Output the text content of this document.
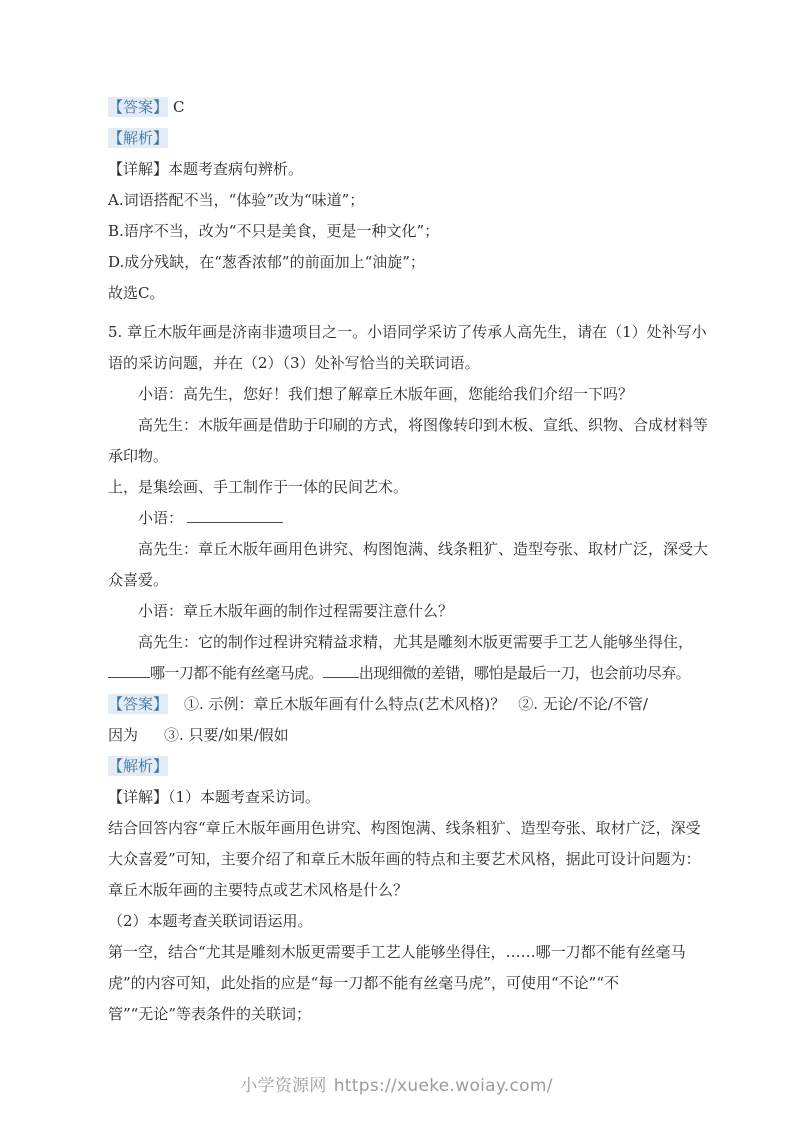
【答案】 C
【解析】
【详解】本题考查病句辨析。
A.词语搭配不当，“体验”改为“味道”；
B.语序不当，改为“不只是美食，更是一种文化”；
D.成分残缺，在“葱香浓郁”的前面加上“油旋”；
故选C。
5. 章丘木版年画是济南非遗项目之一。小语同学采访了传承人高先生，请在（1）处补写小
语的采访问题，并在（2）（3）处补写恰当的关联词语。
小语：高先生，您好！我们想了解章丘木版年画，您能给我们介绍一下吗？
高先生：木版年画是借助于印刷的方式，将图像转印到木板、宣纸、织物、合成材料等
承印物。
上，是集绘画、手工制作于一体的民间艺术。
小语：
高先生：章丘木版年画用色讲究、构图饱满、线条粗犷、造型夸张、取材广泛，深受大
众喜爱。
小语：章丘木版年画的制作过程需要注意什么？
高先生：它的制作过程讲究精益求精，尤其是雕刻木版更需要手工艺人能够坐得住，
哪一刀都不能有丝毫马虎。 出现细微的差错，哪怕是最后一刀，也会前功尽弃。
【答案】 ①. 示例：章丘木版年画有什么特点(艺术风格)？ ②. 无论/不论/不管/
因为 ③. 只要/如果/假如
【解析】
【详解】（1）本题考查采访词。
结合回答内容“章丘木版年画用色讲究、构图饱满、线条粗犷、造型夸张、取材广泛，深受
大众喜爱”可知，主要介绍了和章丘木版年画的特点和主要艺术风格，据此可设计问题为：
章丘木版年画的主要特点或艺术风格是什么？
（2）本题考查关联词语运用。
第一空，结合“尤其是雕刻木版更需要手工艺人能够坐得住，……哪一刀都不能有丝毫马
虎”的内容可知，此处指的应是“每一刀都不能有丝毫马虎”，可使用“不论”“不
管”“无论”等表条件的关联词；
小学资源网 https://xueke.woiay.com/
